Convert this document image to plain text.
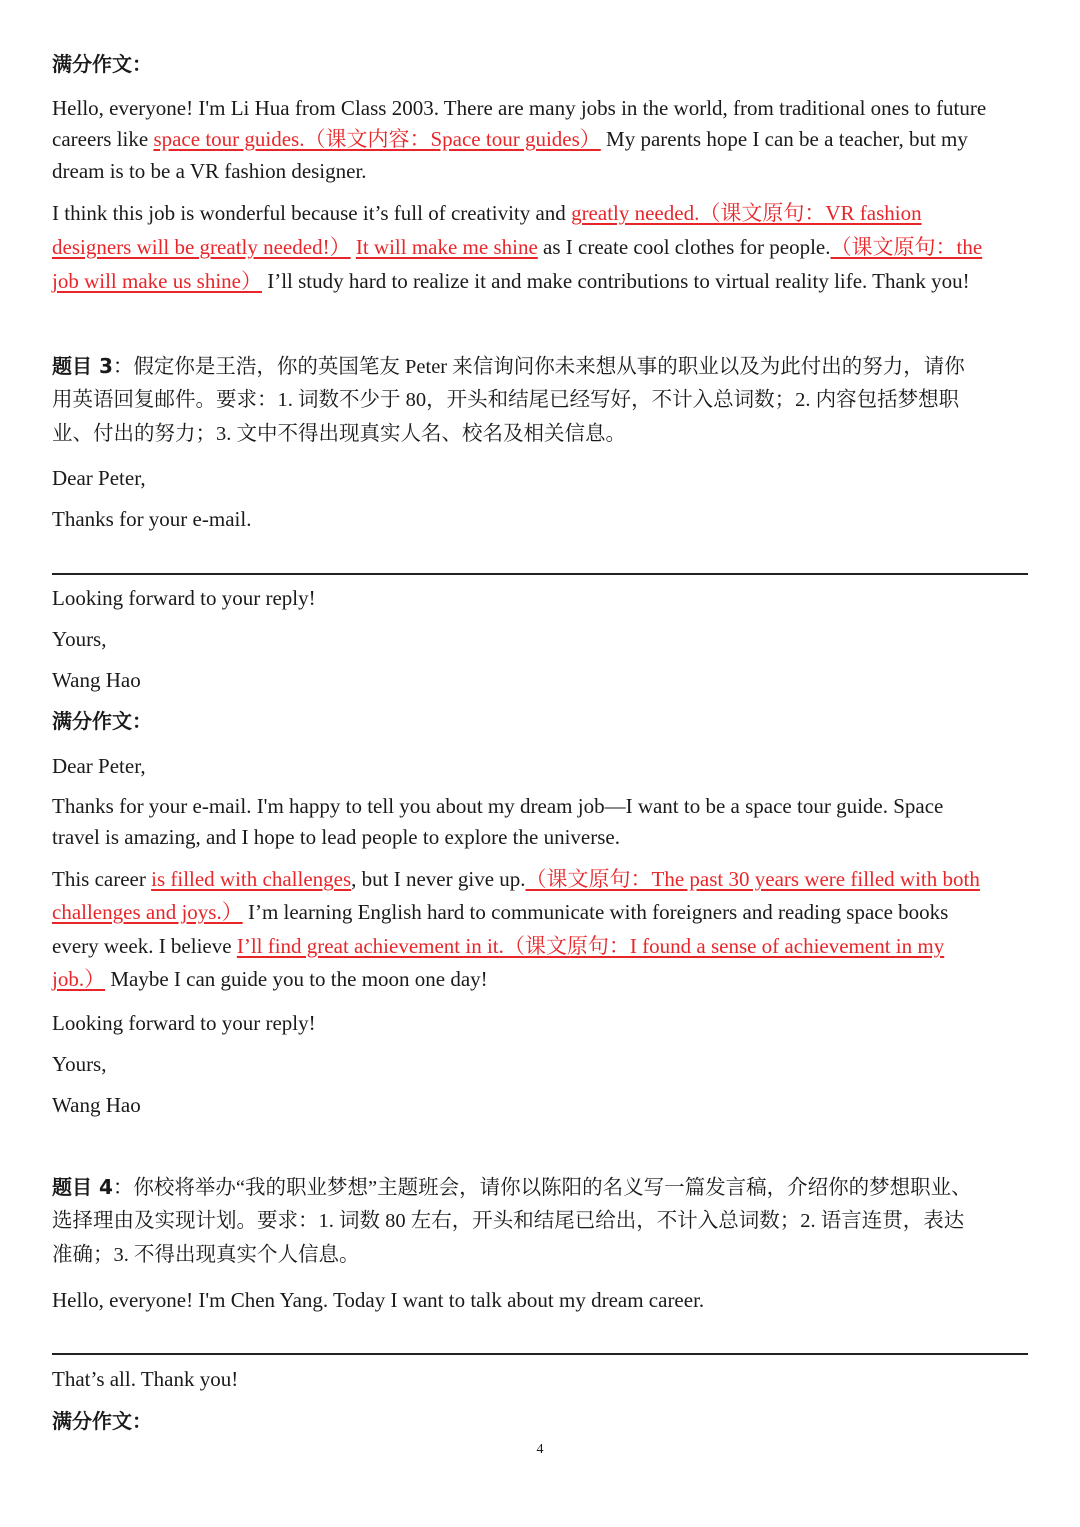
满分作文：
Hello, everyone! I'm Li Hua from Class 2003. There are many jobs in the world, from traditional ones to future
careers like space tour guides.（课文内容：Space tour guides） My parents hope I can be a teacher, but my
dream is to be a VR fashion designer.
I think this job is wonderful because it’s full of creativity and greatly needed.（课文原句：VR fashion
designers will be greatly needed!） It will make me shine as I create cool clothes for people.（课文原句：the
job will make us shine） I’ll study hard to realize it and make contributions to virtual reality life. Thank you!
题目 3：假定你是王浩，你的英国笔友 Peter 来信询问你未来想从事的职业以及为此付出的努力，请你
用英语回复邮件。要求：1. 词数不少于 80，开头和结尾已经写好，不计入总词数；2. 内容包括梦想职
业、付出的努力；3. 文中不得出现真实人名、校名及相关信息。
Dear Peter,
Thanks for your e-mail.
Looking forward to your reply!
Yours,
Wang Hao
满分作文：
Dear Peter,
Thanks for your e-mail. I'm happy to tell you about my dream job—I want to be a space tour guide. Space
travel is amazing, and I hope to lead people to explore the universe.
This career is filled with challenges, but I never give up.（课文原句：The past 30 years were filled with both
challenges and joys.） I’m learning English hard to communicate with foreigners and reading space books
every week. I believe I’ll find great achievement in it.（课文原句：I found a sense of achievement in my
job.） Maybe I can guide you to the moon one day!
Looking forward to your reply!
Yours,
Wang Hao
题目 4：你校将举办“我的职业梦想”主题班会，请你以陈阳的名义写一篇发言稿，介绍你的梦想职业、
选择理由及实现计划。要求：1. 词数 80 左右，开头和结尾已给出，不计入总词数；2. 语言连贯，表达
准确；3. 不得出现真实个人信息。
Hello, everyone! I'm Chen Yang. Today I want to talk about my dream career.
That’s all. Thank you!
满分作文：
4
